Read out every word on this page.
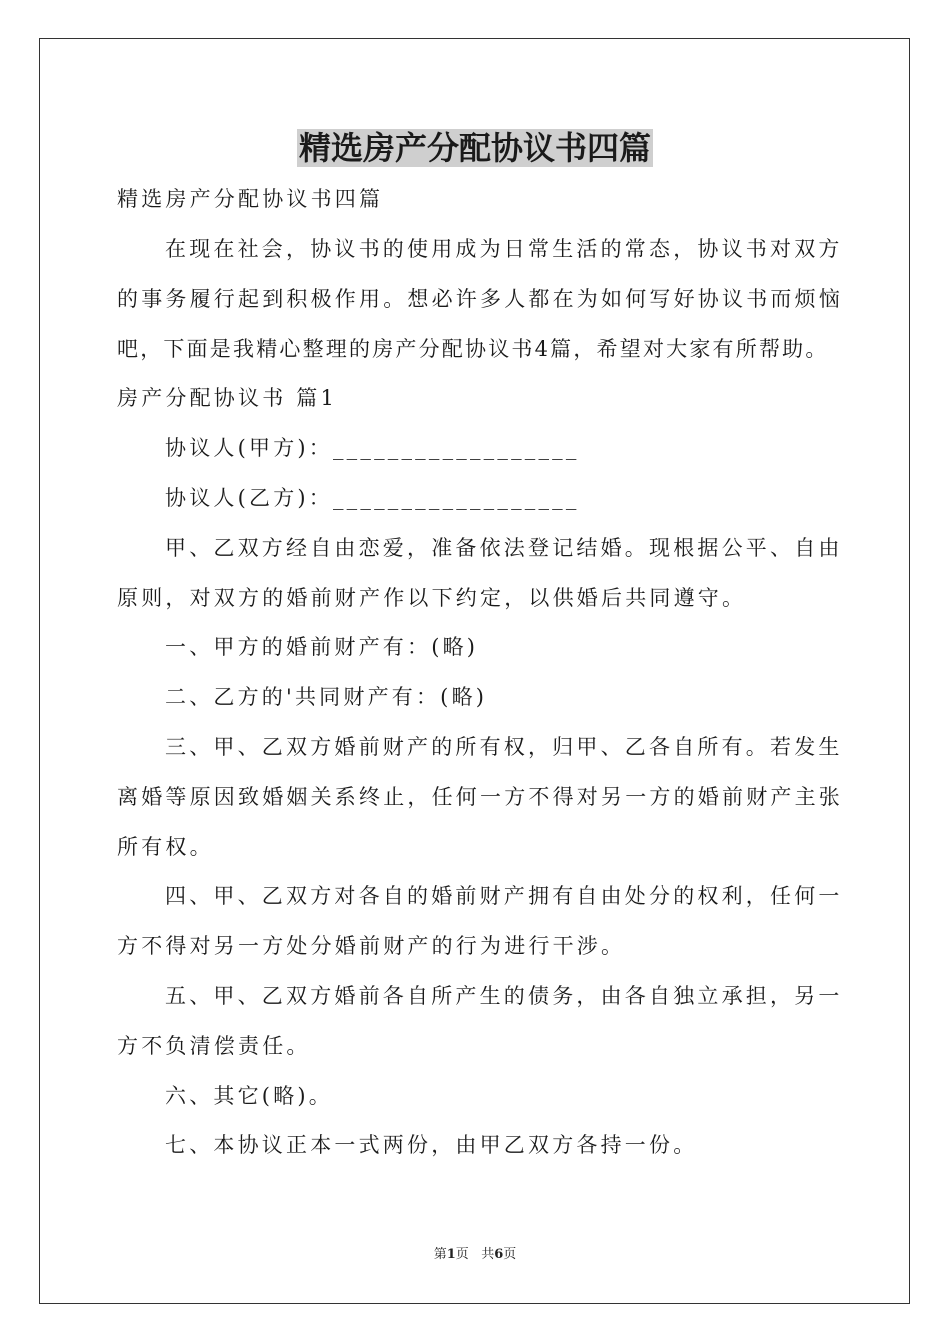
精选房产分配协议书四篇
精选房产分配协议书四篇
在现在社会，协议书的使用成为日常生活的常态，协议书对双方
的事务履行起到积极作用。想必许多人都在为如何写好协议书而烦恼
吧，下面是我精心整理的房产分配协议书4篇，希望对大家有所帮助。
房产分配协议书 篇1
协议人(甲方)：__________________
协议人(乙方)：__________________
甲、乙双方经自由恋爱，准备依法登记结婚。现根据公平、自由
原则，对双方的婚前财产作以下约定，以供婚后共同遵守。
一、甲方的婚前财产有：(略)
二、乙方的'共同财产有：(略)
三、甲、乙双方婚前财产的所有权，归甲、乙各自所有。若发生
离婚等原因致婚姻关系终止，任何一方不得对另一方的婚前财产主张
所有权。
四、甲、乙双方对各自的婚前财产拥有自由处分的权利，任何一
方不得对另一方处分婚前财产的行为进行干涉。
五、甲、乙双方婚前各自所产生的债务，由各自独立承担，另一
方不负清偿责任。
六、其它(略)。
七、本协议正本一式两份，由甲乙双方各持一份。
第1页 共6页
